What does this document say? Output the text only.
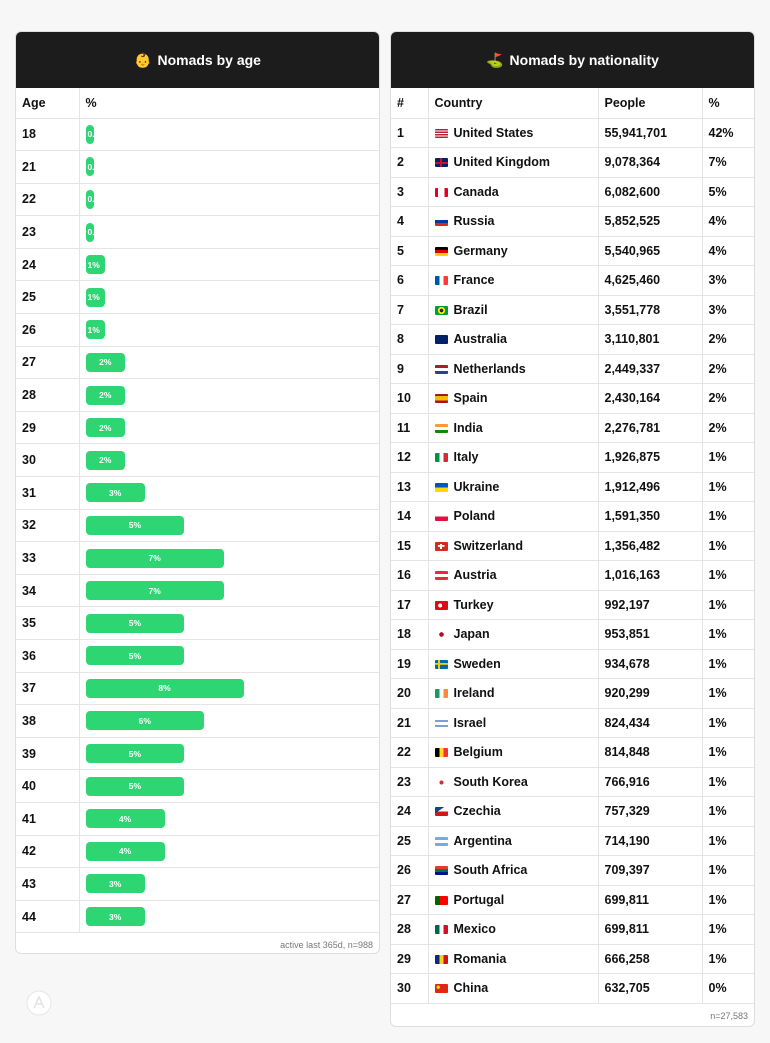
👶 Nomads by age
Age	%
18	0.1%

21	0.1%

22	0.3%

23	0.2%

24	1%

25	1%

26	1%

27	2%

28	2%

29	2%

30	2%

31	3%

32	5%

33	7%

34	7%

35	5%

36	5%

37	8%

38	6%

39	5%

40	5%

41	4%

42	4%

43	3%

44	3%
active last 365d, n=988
⛳ Nomads by nationality
#	Country	People	%
1	United States	55,941,701	42%
2	United Kingdom	9,078,364	7%
3	Canada	6,082,600	5%
4	Russia	5,852,525	4%
5	Germany	5,540,965	4%
6	France	4,625,460	3%
7	Brazil	3,551,778	3%
8	Australia	3,110,801	2%
9	Netherlands	2,449,337	2%
10	Spain	2,430,164	2%
11	India	2,276,781	2%
12	Italy	1,926,875	1%
13	Ukraine	1,912,496	1%
14	Poland	1,591,350	1%
15	Switzerland	1,356,482	1%
16	Austria	1,016,163	1%
17	Turkey	992,197	1%
18	Japan	953,851	1%
19	Sweden	934,678	1%
20	Ireland	920,299	1%
21	Israel	824,434	1%
22	Belgium	814,848	1%
23	South Korea	766,916	1%
24	Czechia	757,329	1%
25	Argentina	714,190	1%
26	South Africa	709,397	1%
27	Portugal	699,811	1%
28	Mexico	699,811	1%
29	Romania	666,258	1%
30	China	632,705	0%
n=27,583
